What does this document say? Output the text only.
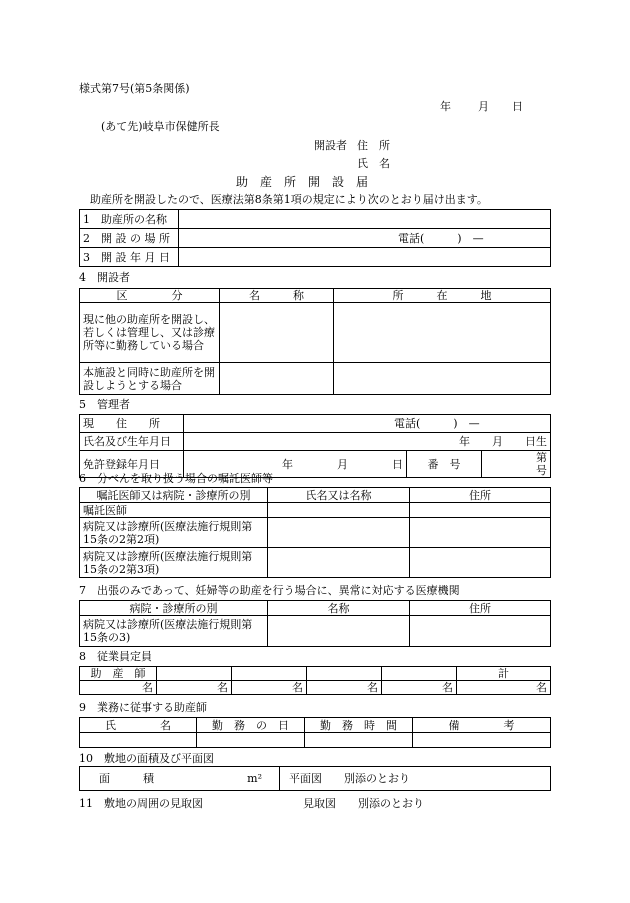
様式第7号(第5条関係)
年 月 日
(あて先)岐阜市保健所長
開設者 住　所
氏　名
助　産　所　開　設　届
助産所を開設したので、医療法第8条第1項の規定により次のとおり届け出ます。
1　助産所の名称	
2　開 設 の 場 所	電話(　　　)　—
3　開 設 年 月 日	
4　開設者
区　　　　分	名　　　称	所　　　在　　　地
現に他の助産所を開設し、若しくは管理し、又は診療所等に勤務している場合		
本施設と同時に助産所を開設しようとする場合		
5　管理者
現　　住　　所	電話(　　　)　—		
氏名及び生年月日	年　　月　　日生		
免許登録年月日	年　　　　月　　　　日	番　号	第　　　　　　号
6　分べんを取り扱う場合の嘱託医師等
嘱託医師又は病院・診療所の別	氏名又は名称	住所
嘱託医師		
病院又は診療所(医療法施行規則第15条の2第2項)		
病院又は診療所(医療法施行規則第15条の2第3項)		
7　出張のみであって、妊婦等の助産を行う場合に、異常に対応する医療機関
病院・診療所の別	名称	住所
病院又は診療所(医療法施行規則第15条の3)		
8　従業員定員
助　産　師					計
名	名	名	名	名	名
9　業務に従事する助産師
氏　　　　名	勤　務　の　日	勤　務　時　間	備　　　　考

10　敷地の面積及び平面図
面　　　積	m²	平面図　　別添のとおり
11　敷地の周囲の見取図	見取図　　別添のとおり
